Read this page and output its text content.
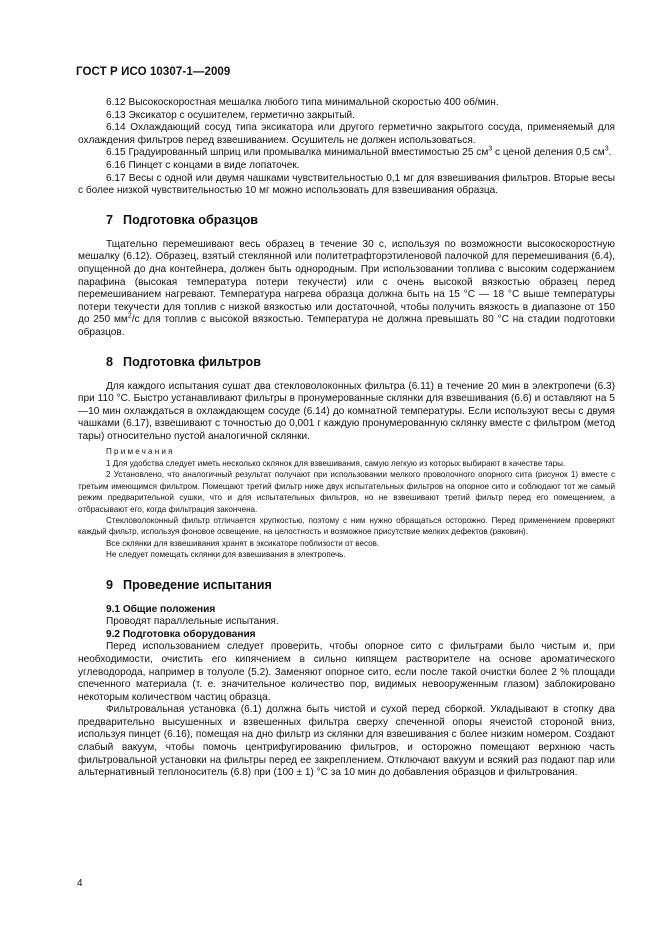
ГОСТ Р ИСО 10307-1—2009

6.12 Высокоскоростная мешалка любого типа минимальной скоростью 400 об/мин.

6.13 Эксикатор с осушителем, герметично закрытый.

6.14 Охлаждающий сосуд типа эксикатора или другого герметично закрытого сосуда, применяемый для охлаждения фильтров перед взвешиванием. Осушитель не должен использоваться.

6.15 Градуированный шприц или промывалка минимальной вместимостью 25 $см^3$ с ценой деления 0,5 $см^3$.

6.16 Пинцет с концами в виде лопаточек.

6.17 Весы с одной или двумя чашками чувствительностью 0,1 мг для взвешивания фильтров. Вторые весы с более низкой чувствительностью 10 мг можно использовать для взвешивания образца.

7 Подготовка образцов

Тщательно перемешивают весь образец в течение 30 с, используя по возможности высокоскоростную мешалку (6.12). Образец, взятый стеклянной или политетрафторэтиленовой палочкой для перемешивания (6.4), опущенной до дна контейнера, должен быть однородным. При использовании топлива с высоким содержанием парафина (высокая температура потери текучести) или с очень высокой вязкостью образец перед перемешиванием нагревают. Температура нагрева образца должна быть на 15 °С — 18 °С выше температуры потери текучести для топлив с низкой вязкостью или достаточной, чтобы получить вязкость в диапазоне от 150 до 250 $мм^2/с$ для топлив с высокой вязкостью. Температура не должна превышать 80 °С на стадии подготовки образцов.

8 Подготовка фильтров

Для каждого испытания сушат два стекловолоконных фильтра (6.11) в течение 20 мин в электропечи (6.3) при 110 °С. Быстро устанавливают фильтры в пронумерованные склянки для взвешивания (6.6) и оставляют на 5—10 мин охлаждаться в охлаждающем сосуде (6.14) до комнатной температуры. Если используют весы с двумя чашками (6.17), взвешивают с точностью до 0,001 г каждую пронумерованную склянку вместе с фильтром (метод тары) относительно пустой аналогичной склянки.

Примечания

1 Для удобства следует иметь несколько склянок для взвешивания, самую легкую из которых выбирают в качестве тары.

2 Установлено, что аналогичный результат получают при использовании мелкого проволочного опорного сита (рисунок 1) вместе с третьим имеющимся фильтром. Помещают третий фильтр ниже двух испытательных фильтров на опорное сито и соблюдают тот же самый режим предварительной сушки, что и для испытательных фильтров, но не взвешивают третий фильтр перед его помещением, а отбрасывают его, когда фильтрация закончена.

Стекловолоконный фильтр отличается хрупкостью, поэтому с ним нужно обращаться осторожно. Перед применением проверяют каждый фильтр, используя фоновое освещение, на целостность и возможное присутствие мелких дефектов (раковин).

Все склянки для взвешивания хранят в эксикаторе поблизости от весов.

Не следует помещать склянки для взвешивания в электропечь.

9 Проведение испытания

9.1 Общие положения

Проводят параллельные испытания.

9.2 Подготовка оборудования

Перед использованием следует проверить, чтобы опорное сито с фильтрами было чистым и, при необходимости, очистить его кипячением в сильно кипящем растворителе на основе ароматического углеводорода, например в толуоле (5.2). Заменяют опорное сито, если после такой очистки более 2 % площади спеченного материала (т. е. значительное количество пор, видимых невооруженным глазом) заблокировано некоторым количеством частиц образца.

Фильтровальная установка (6.1) должна быть чистой и сухой перед сборкой. Укладывают в стопку два предварительно высушенных и взвешенных фильтра сверху спеченной опоры ячеистой стороной вниз, используя пинцет (6.16), помещая на дно фильтр из склянки для взвешивания с более низким номером. Создают слабый вакуум, чтобы помочь центрифугированию фильтров, и осторожно помещают верхнюю часть фильтровальной установки на фильтры перед ее закреплением. Отключают вакуум и всякий раз подают пар или альтернативный теплоноситель (6.8) при (100 ± 1) °С за 10 мин до добавления образцов и фильтрования.

4
